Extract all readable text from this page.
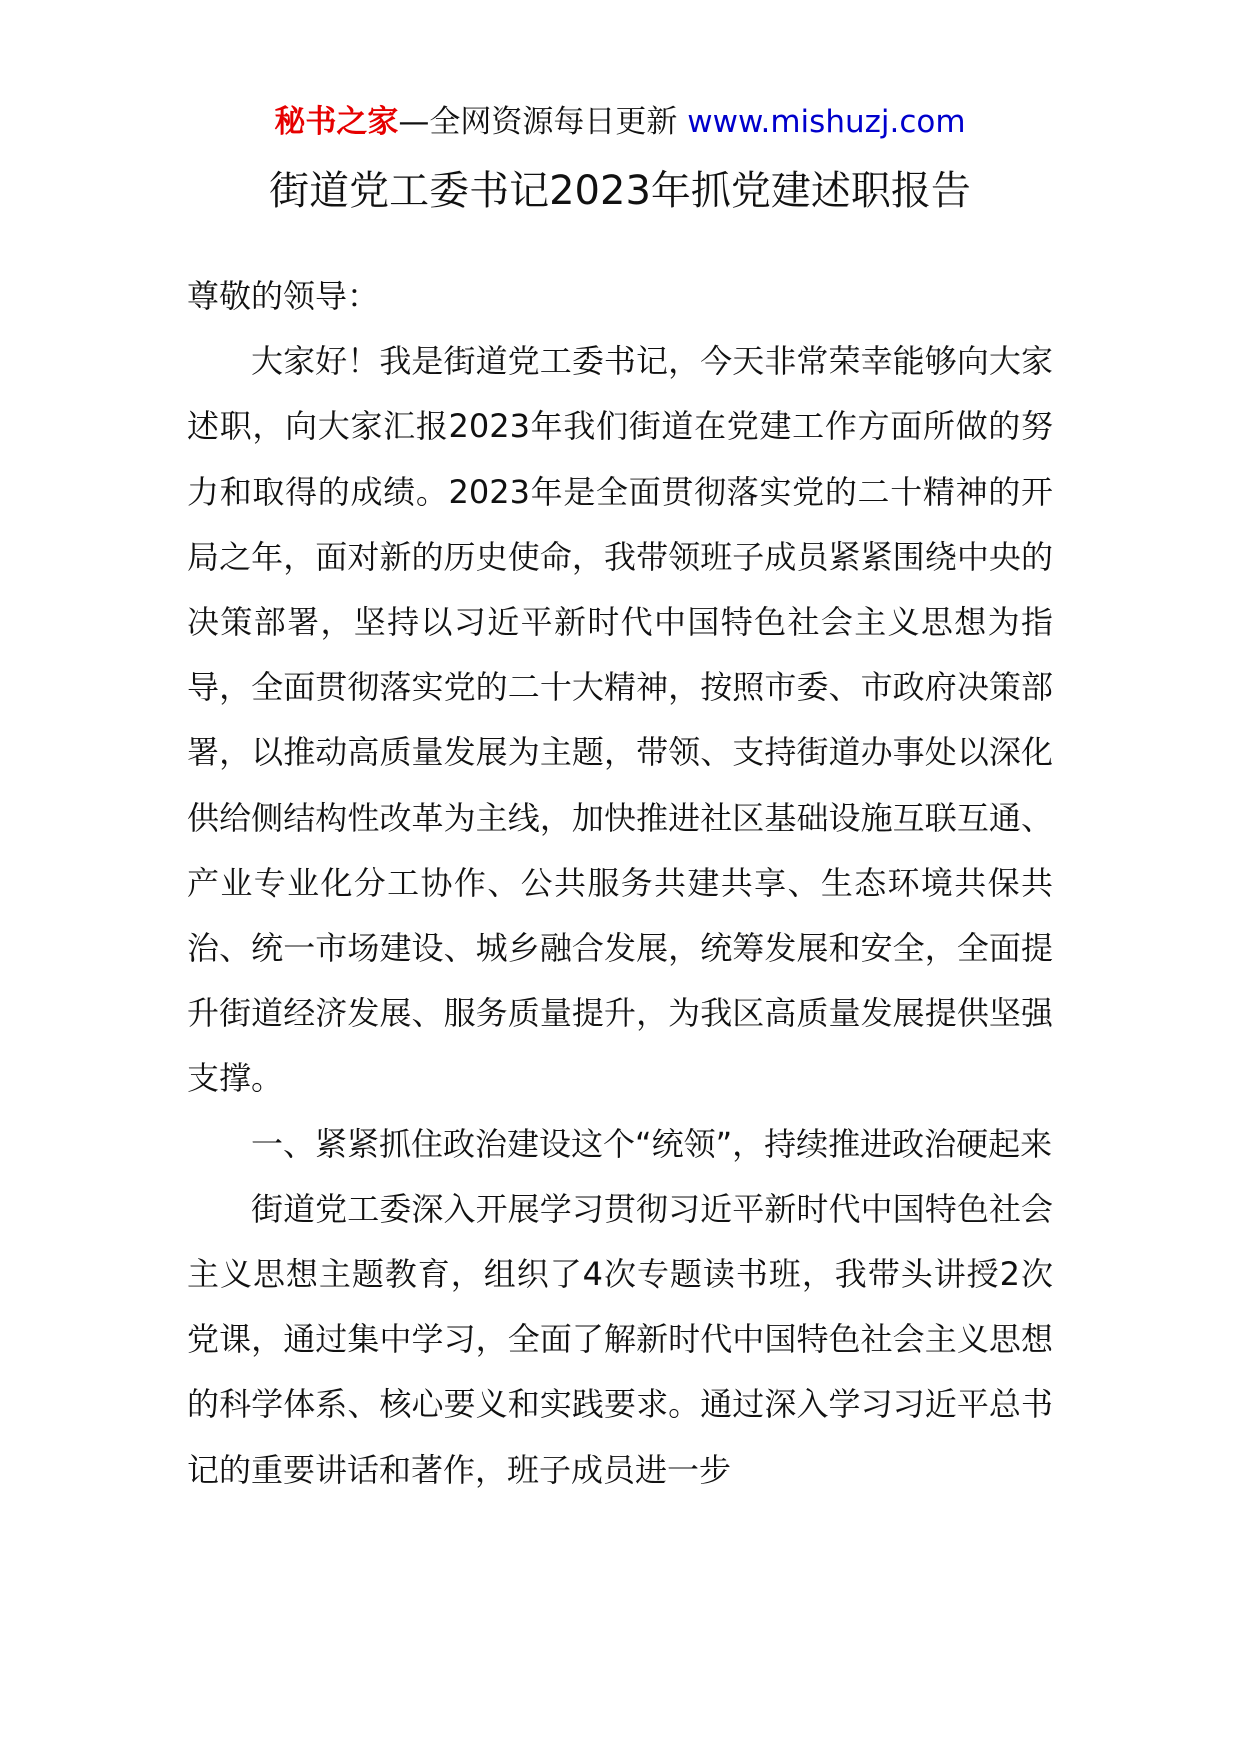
秘书之家—全网资源每日更新 www.mishuzj.com
街道党工委书记2023年抓党建述职报告

尊敬的领导：

大家好！我是街道党工委书记，今天非常荣幸能够向大家述职，向大家汇报2023年我们街道在党建工作方面所做的努力和取得的成绩。2023年是全面贯彻落实党的二十精神的开局之年，面对新的历史使命，我带领班子成员紧紧围绕中央的决策部署，坚持以习近平新时代中国特色社会主义思想为指导，全面贯彻落实党的二十大精神，按照市委、市政府决策部署，以推动高质量发展为主题，带领、支持街道办事处以深化供给侧结构性改革为主线，加快推进社区基础设施互联互通、产业专业化分工协作、公共服务共建共享、生态环境共保共治、统一市场建设、城乡融合发展，统筹发展和安全，全面提升街道经济发展、服务质量提升，为我区高质量发展提供坚强支撑。

一、紧紧抓住政治建设这个“统领”，持续推进政治硬起来

街道党工委深入开展学习贯彻习近平新时代中国特色社会主义思想主题教育，组织了4次专题读书班，我带头讲授2次党课，通过集中学习，全面了解新时代中国特色社会主义思想的科学体系、核心要义和实践要求。通过深入学习习近平总书记的重要讲话和著作，班子成员进一步
